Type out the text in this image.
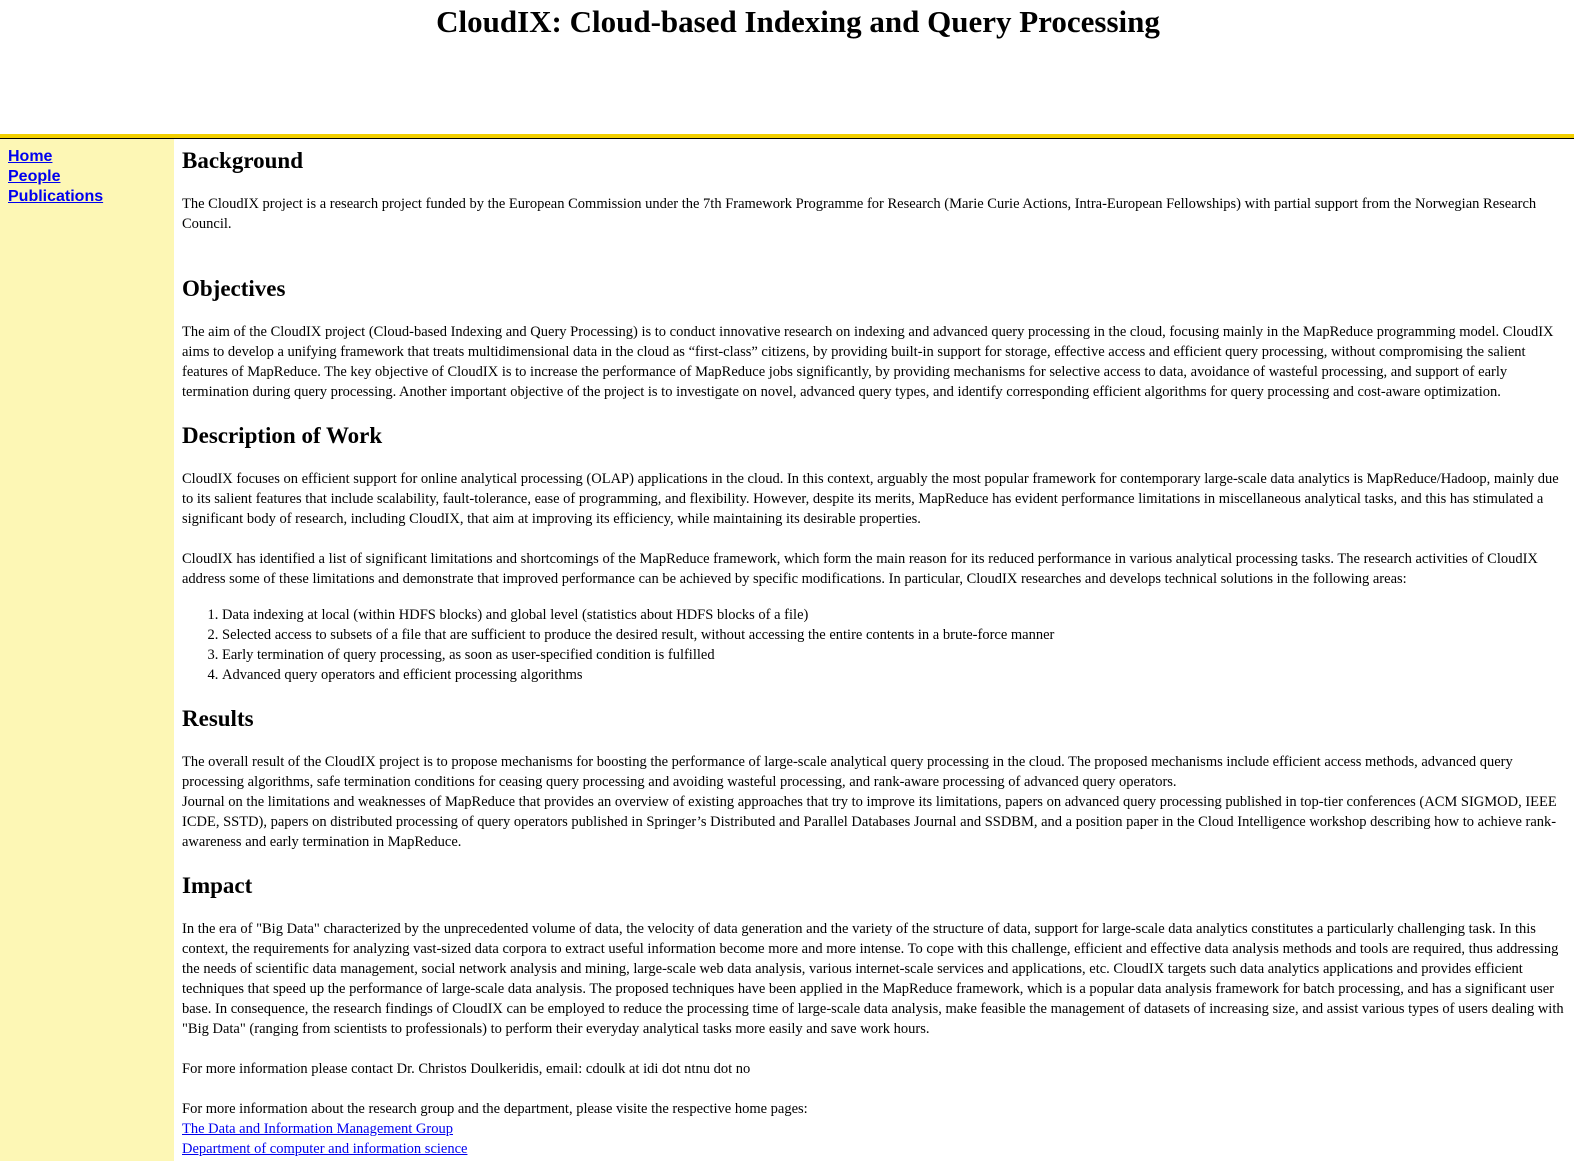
CloudIX: Cloud-based Indexing and Query Processing
Home
People
Publications
Background

The CloudIX project is a research project funded by the European Commission under the 7th Framework Programme for Research (Marie Curie Actions, Intra-European Fellowships) with partial support from the Norwegian Research Council.

Objectives

The aim of the CloudIX project (Cloud-based Indexing and Query Processing) is to conduct innovative research on indexing and advanced query processing in the cloud, focusing mainly in the MapReduce programming model. CloudIX aims to develop a unifying framework that treats multidimensional data in the cloud as “first-class” citizens, by providing built-in support for storage, effective access and efficient query processing, without compromising the salient features of MapReduce. The key objective of CloudIX is to increase the performance of MapReduce jobs significantly, by providing mechanisms for selective access to data, avoidance of wasteful processing, and support of early termination during query processing. Another important objective of the project is to investigate on novel, advanced query types, and identify corresponding efficient algorithms for query processing and cost-aware optimization.

Description of Work

CloudIX focuses on efficient support for online analytical processing (OLAP) applications in the cloud. In this context, arguably the most popular framework for contemporary large-scale data analytics is MapReduce/Hadoop, mainly due to its salient features that include scalability, fault-tolerance, ease of programming, and flexibility. However, despite its merits, MapReduce has evident performance limitations in miscellaneous analytical tasks, and this has stimulated a significant body of research, including CloudIX, that aim at improving its efficiency, while maintaining its desirable properties.

CloudIX has identified a list of significant limitations and shortcomings of the MapReduce framework, which form the main reason for its reduced performance in various analytical processing tasks. The research activities of CloudIX address some of these limitations and demonstrate that improved performance can be achieved by specific modifications. In particular, CloudIX researches and develops technical solutions in the following areas:

1. Data indexing at local (within HDFS blocks) and global level (statistics about HDFS blocks of a file)
2. Selected access to subsets of a file that are sufficient to produce the desired result, without accessing the entire contents in a brute-force manner
3. Early termination of query processing, as soon as user-specified condition is fulfilled
4. Advanced query operators and efficient processing algorithms
Results

The overall result of the CloudIX project is to propose mechanisms for boosting the performance of large-scale analytical query processing in the cloud. The proposed mechanisms include efficient access methods, advanced query processing algorithms, safe termination conditions for ceasing query processing and avoiding wasteful processing, and rank-aware processing of advanced query operators.

Journal on the limitations and weaknesses of MapReduce that provides an overview of existing approaches that try to improve its limitations, papers on advanced query processing published in top-tier conferences (ACM SIGMOD, IEEE ICDE, SSTD), papers on distributed processing of query operators published in Springer’s Distributed and Parallel Databases Journal and SSDBM, and a position paper in the Cloud Intelligence workshop describing how to achieve rank-awareness and early termination in MapReduce.

Impact

In the era of "Big Data" characterized by the unprecedented volume of data, the velocity of data generation and the variety of the structure of data, support for large-scale data analytics constitutes a particularly challenging task. In this context, the requirements for analyzing vast-sized data corpora to extract useful information become more and more intense. To cope with this challenge, efficient and effective data analysis methods and tools are required, thus addressing the needs of scientific data management, social network analysis and mining, large-scale web data analysis, various internet-scale services and applications, etc. CloudIX targets such data analytics applications and provides efficient techniques that speed up the performance of large-scale data analysis. The proposed techniques have been applied in the MapReduce framework, which is a popular data analysis framework for batch processing, and has a significant user base. In consequence, the research findings of CloudIX can be employed to reduce the processing time of large-scale data analysis, make feasible the management of datasets of increasing size, and assist various types of users dealing with "Big Data" (ranging from scientists to professionals) to perform their everyday analytical tasks more easily and save work hours.

For more information please contact Dr. Christos Doulkeridis, email: cdoulk at idi dot ntnu dot no

For more information about the research group and the department, please visite the respective home pages:

The Data and Information Management Group
Department of computer and information science
